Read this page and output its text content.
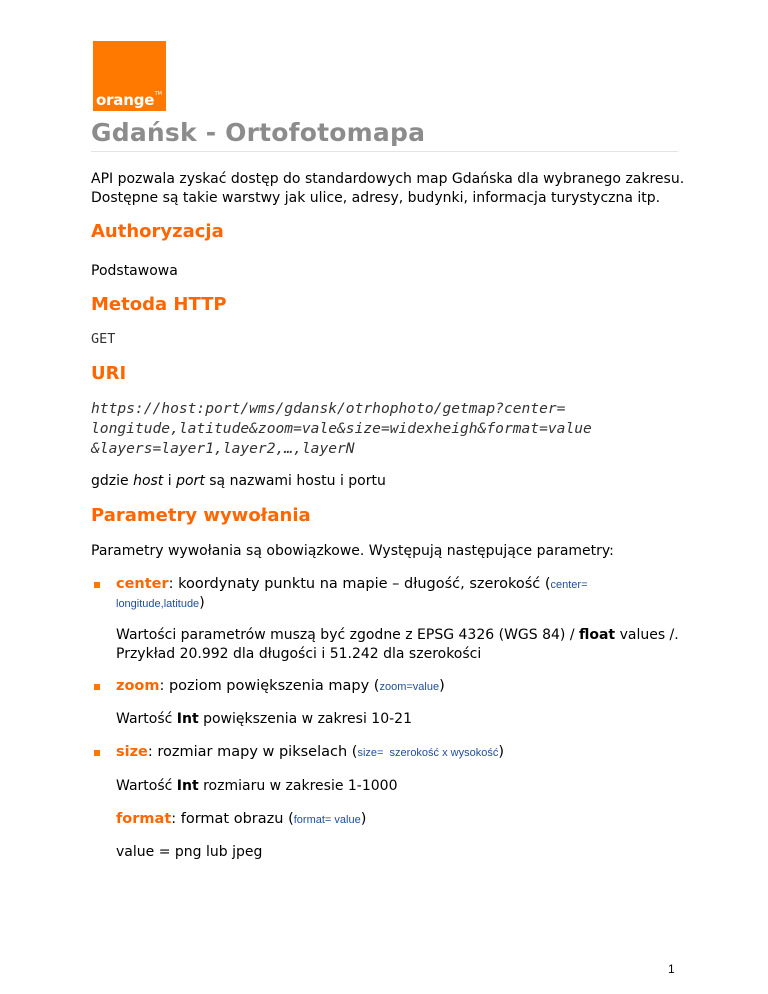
orange TM
Gdańsk - Ortofotomapa
API pozwala zyskać dostęp do standardowych map Gdańska dla wybranego zakresu.
Dostępne są takie warstwy jak ulice, adresy, budynki, informacja turystyczna itp.
Authoryzacja
Podstawowa
Metoda HTTP
GET
URI
https://host:port/wms/gdansk/otrhophoto/getmap?center=
longitude,latitude&zoom=vale&size=widexheigh&format=value
&layers=layer1,layer2,…,layerN
gdzie host i port są nazwami hostu i portu
Parametry wywołania
Parametry wywołania są obowiązkowe. Występują następujące parametry:
center: koordynaty punktu na mapie – długość, szerokość (center=
longitude,latitude)
Wartości parametrów muszą być zgodne z EPSG 4326 (WGS 84) / float values /.
Przykład 20.992 dla długości i 51.242 dla szerokości
zoom: poziom powiększenia mapy (zoom=value)
Wartość Int powiększenia w zakresi 10-21
size: rozmiar mapy w pikselach (size=  szerokość x wysokość)
Wartość Int rozmiaru w zakresie 1-1000
format: format obrazu (format= value)
value = png lub jpeg
1
